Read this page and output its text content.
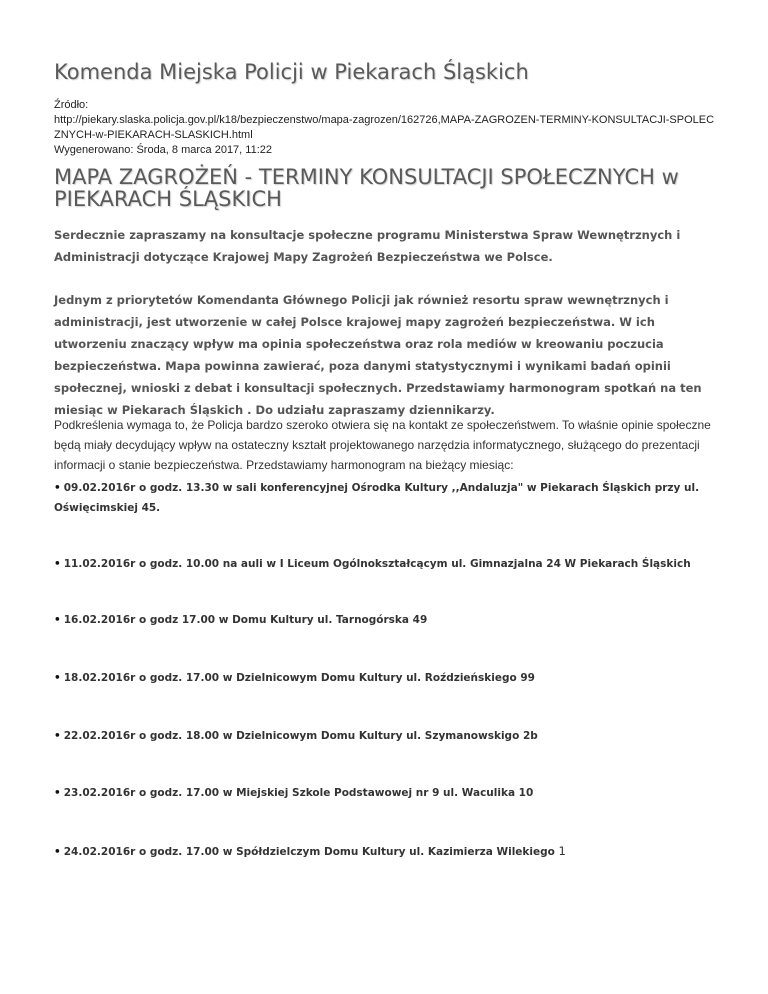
Komenda Miejska Policji w Piekarach Śląskich
Źródło:
http://piekary.slaska.policja.gov.pl/k18/bezpieczenstwo/mapa-zagrozen/162726,MAPA-ZAGROZEN-TERMINY-KONSULTACJI-SPOLECZNYCH-w-PIEKARACH-SLASKICH.html
Wygenerowano: Środa, 8 marca 2017, 11:22
MAPA ZAGROŻEŃ - TERMINY KONSULTACJI SPOŁECZNYCH w PIEKARACH ŚLĄSKICH

Serdecznie zapraszamy na konsultacje społeczne programu Ministerstwa Spraw Wewnętrznych i Administracji dotyczące Krajowej Mapy Zagrożeń Bezpieczeństwa we Polsce.

Jednym z priorytetów Komendanta Głównego Policji jak również resortu spraw wewnętrznych i administracji, jest utworzenie w całej Polsce krajowej mapy zagrożeń bezpieczeństwa. W ich utworzeniu znaczący wpływ ma opinia społeczeństwa oraz rola mediów w kreowaniu poczucia bezpieczeństwa. Mapa powinna zawierać, poza danymi statystycznymi i wynikami badań opinii społecznej, wnioski z debat i konsultacji społecznych. Przedstawiamy harmonogram spotkań na ten miesiąc w Piekarach Śląskich . Do udziału zapraszamy dziennikarzy.

Podkreślenia wymaga to, że Policja bardzo szeroko otwiera się na kontakt ze społeczeństwem. To właśnie opinie społeczne będą miały decydujący wpływ na ostateczny kształt projektowanego narzędzia informatycznego, służącego do prezentacji informacji o stanie bezpieczeństwa. Przedstawiamy harmonogram na bieżący miesiąc:

• 09.02.2016r o godz. 13.30 w sali konferencyjnej Ośrodka Kultury ,,Andaluzja" w Piekarach Śląskich przy ul. Oświęcimskiej 45.
• 11.02.2016r o godz. 10.00 na auli w I Liceum Ogólnokształcącym ul. Gimnazjalna 24 W Piekarach Śląskich
• 16.02.2016r o godz 17.00 w Domu Kultury ul. Tarnogórska 49
• 18.02.2016r o godz. 17.00 w Dzielnicowym Domu Kultury ul. Roździeńskiego 99
• 22.02.2016r o godz. 18.00 w Dzielnicowym Domu Kultury ul. Szymanowskigo 2b
• 23.02.2016r o godz. 17.00 w Miejskiej Szkole Podstawowej nr 9 ul. Waculika 10
• 24.02.2016r o godz. 17.00 w Spółdzielczym Domu Kultury ul. Kazimierza Wilekiego 1
